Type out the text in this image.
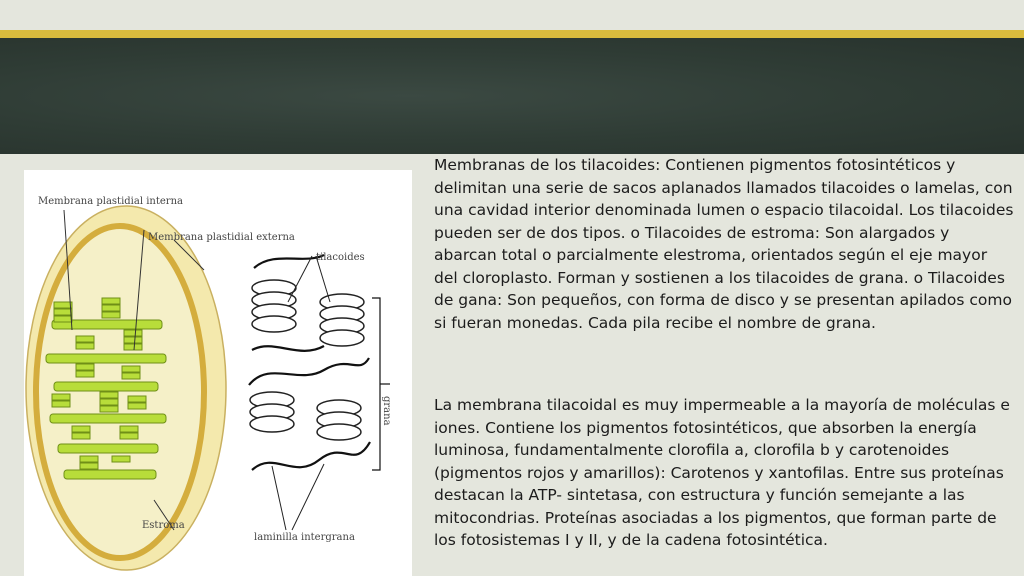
Membrana plastidial interna
Membrana plastidial externa
tilacoides
grana
Estroma
laminilla intergrana

Membranas de los tilacoides: Contienen pigmentos fotosintéticos y delimitan una serie de sacos aplanados llamados tilacoides o lamelas, con una cavidad interior denominada lumen o espacio tilacoidal. Los tilacoides pueden ser de dos tipos. o Tilacoides de estroma: Son alargados y abarcan total o parcialmente elestroma, orientados según el eje mayor del cloroplasto. Forman y sostienen a los tilacoides de grana. o Tilacoides de gana: Son pequeños, con forma de disco y se presentan apilados como si fueran monedas. Cada pila recibe el nombre de grana.

La membrana tilacoidal es muy impermeable a la mayoría de moléculas e iones. Contiene los pigmentos fotosintéticos, que absorben la energía luminosa, fundamentalmente clorofila a, clorofila b y carotenoides (pigmentos rojos y amarillos): Carotenos y xantofilas. Entre sus proteínas destacan la ATP- sintetasa, con estructura y función semejante a las mitocondrias. Proteínas asociadas a los pigmentos, que forman parte de los fotosistemas I y II, y de la cadena fotosintética.
